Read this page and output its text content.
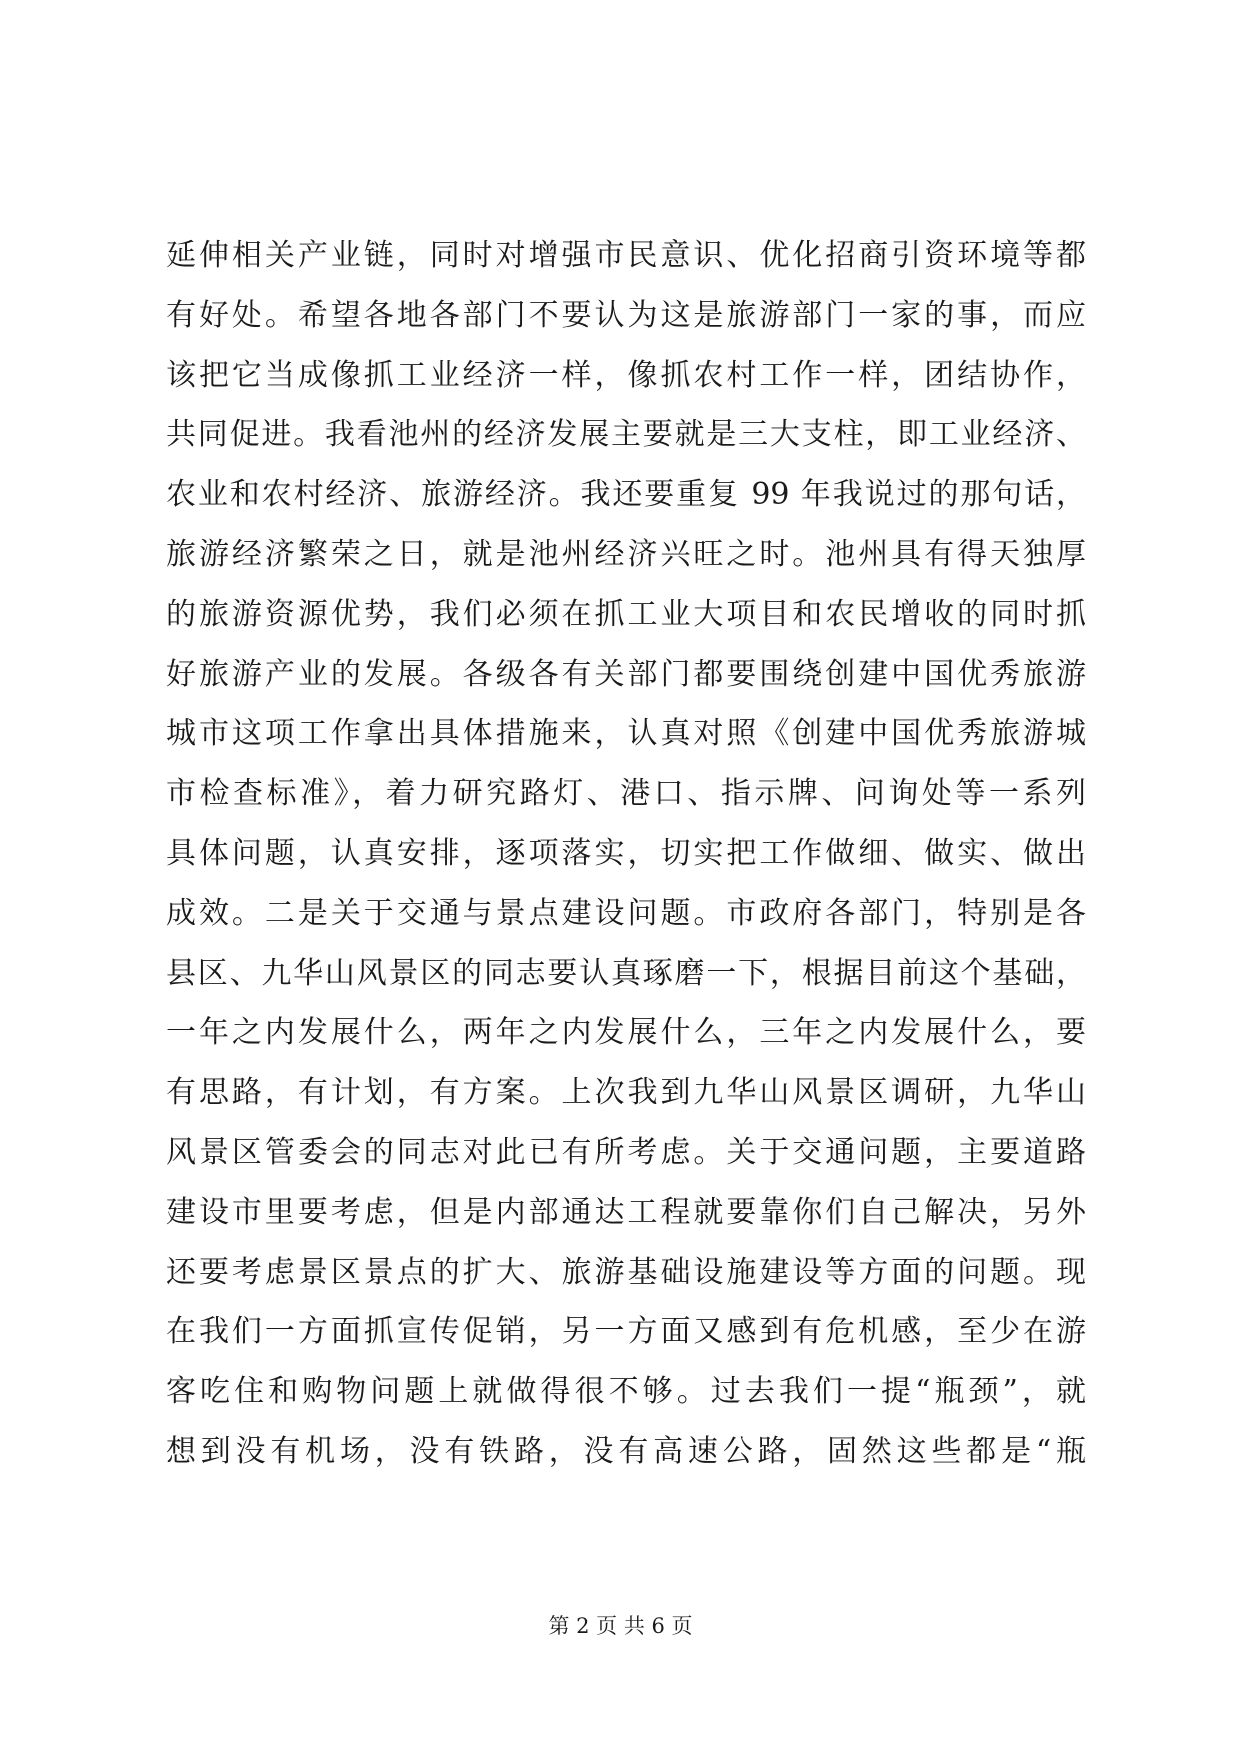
延伸相关产业链，同时对增强市民意识、优化招商引资环境等都
有好处。希望各地各部门不要认为这是旅游部门一家的事，而应
该把它当成像抓工业经济一样，像抓农村工作一样，团结协作，
共同促进。我看池州的经济发展主要就是三大支柱，即工业经济、
农业和农村经济、旅游经济。我还要重复 99 年我说过的那句话，
旅游经济繁荣之日，就是池州经济兴旺之时。池州具有得天独厚
的旅游资源优势，我们必须在抓工业大项目和农民增收的同时抓
好旅游产业的发展。各级各有关部门都要围绕创建中国优秀旅游
城市这项工作拿出具体措施来，认真对照《创建中国优秀旅游城
市检查标准》，着力研究路灯、港口、指示牌、问询处等一系列
具体问题，认真安排，逐项落实，切实把工作做细、做实、做出
成效。二是关于交通与景点建设问题。市政府各部门，特别是各
县区、九华山风景区的同志要认真琢磨一下，根据目前这个基础，
一年之内发展什么，两年之内发展什么，三年之内发展什么，要
有思路，有计划，有方案。上次我到九华山风景区调研，九华山
风景区管委会的同志对此已有所考虑。关于交通问题，主要道路
建设市里要考虑，但是内部通达工程就要靠你们自己解决，另外
还要考虑景区景点的扩大、旅游基础设施建设等方面的问题。现
在我们一方面抓宣传促销，另一方面又感到有危机感，至少在游
客吃住和购物问题上就做得很不够。过去我们一提“瓶颈”，就
想到没有机场，没有铁路，没有高速公路，固然这些都是“瓶
第 2 页 共 6 页
